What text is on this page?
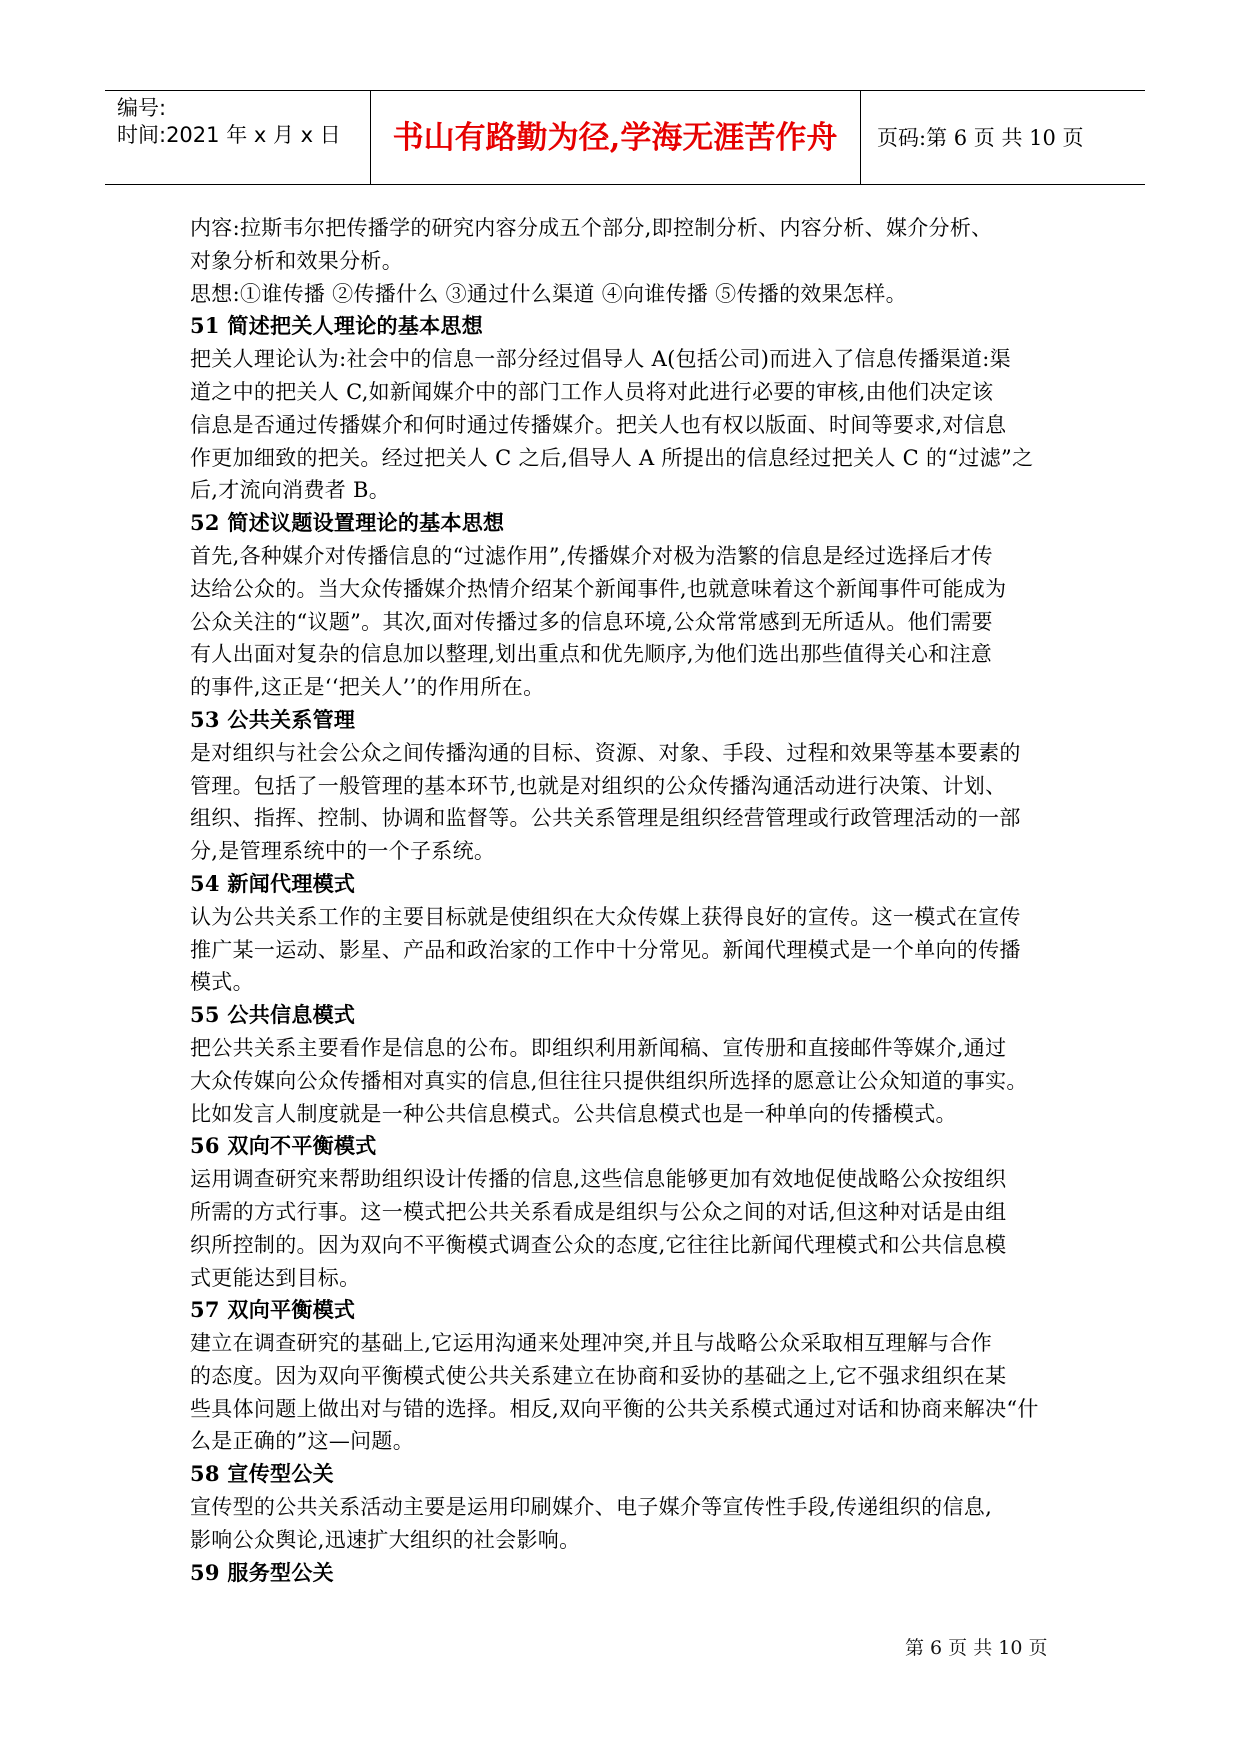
编号:
时间:2021 年 x 月 x 日	书山有路勤为径,学海无涯苦作舟	页码:第 6 页 共 10 页
内容:拉斯韦尔把传播学的研究内容分成五个部分,即控制分析、内容分析、媒介分析、
对象分析和效果分析。
思想:①谁传播 ②传播什么 ③通过什么渠道 ④向谁传播 ⑤传播的效果怎样。
51 简述把关人理论的基本思想
把关人理论认为:社会中的信息一部分经过倡导人 A(包括公司)而进入了信息传播渠道:渠
道之中的把关人 C,如新闻媒介中的部门工作人员将对此进行必要的审核,由他们决定该
信息是否通过传播媒介和何时通过传播媒介。把关人也有权以版面、时间等要求,对信息
作更加细致的把关。经过把关人 C 之后,倡导人 A 所提出的信息经过把关人 C 的“过滤”之
后,才流向消费者 B。
52 简述议题设置理论的基本思想
首先,各种媒介对传播信息的“过滤作用”,传播媒介对极为浩繁的信息是经过选择后才传
达给公众的。当大众传播媒介热情介绍某个新闻事件,也就意味着这个新闻事件可能成为
公众关注的“议题”。其次,面对传播过多的信息环境,公众常常感到无所适从。他们需要
有人出面对复杂的信息加以整理,划出重点和优先顺序,为他们选出那些值得关心和注意
的事件,这正是‘‘把关人’’的作用所在。
53 公共关系管理
是对组织与社会公众之间传播沟通的目标、资源、对象、手段、过程和效果等基本要素的
管理。包括了一般管理的基本环节,也就是对组织的公众传播沟通活动进行决策、计划、
组织、指挥、控制、协调和监督等。公共关系管理是组织经营管理或行政管理活动的一部
分,是管理系统中的一个子系统。
54 新闻代理模式
认为公共关系工作的主要目标就是使组织在大众传媒上获得良好的宣传。这一模式在宣传
推广某一运动、影星、产品和政治家的工作中十分常见。新闻代理模式是一个单向的传播
模式。
55 公共信息模式
把公共关系主要看作是信息的公布。即组织利用新闻稿、宣传册和直接邮件等媒介,通过
大众传媒向公众传播相对真实的信息,但往往只提供组织所选择的愿意让公众知道的事实。
比如发言人制度就是一种公共信息模式。公共信息模式也是一种单向的传播模式。
56 双向不平衡模式
运用调查研究来帮助组织设计传播的信息,这些信息能够更加有效地促使战略公众按组织
所需的方式行事。这一模式把公共关系看成是组织与公众之间的对话,但这种对话是由组
织所控制的。因为双向不平衡模式调查公众的态度,它往往比新闻代理模式和公共信息模
式更能达到目标。
57 双向平衡模式
建立在调查研究的基础上,它运用沟通来处理冲突,并且与战略公众采取相互理解与合作
的态度。因为双向平衡模式使公共关系建立在协商和妥协的基础之上,它不强求组织在某
些具体问题上做出对与错的选择。相反,双向平衡的公共关系模式通过对话和协商来解决“什
么是正确的”这—问题。
58 宣传型公关
宣传型的公共关系活动主要是运用印刷媒介、电子媒介等宣传性手段,传递组织的信息,
影响公众舆论,迅速扩大组织的社会影响。
59 服务型公关
第 6 页 共 10 页
